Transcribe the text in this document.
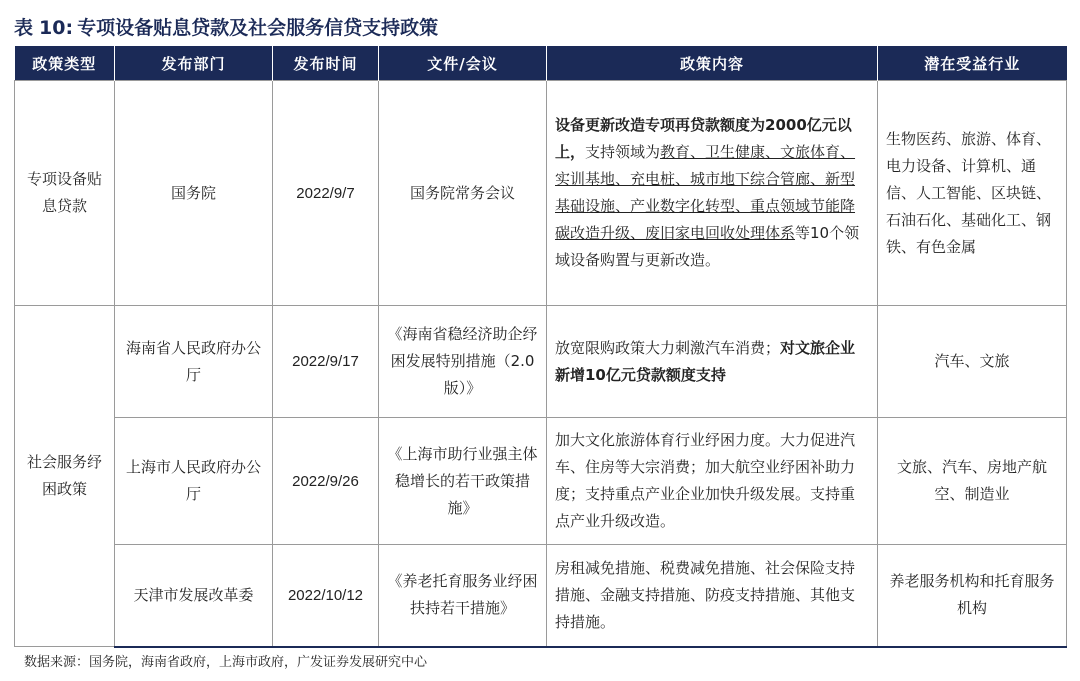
表 10: 专项设备贴息贷款及社会服务信贷支持政策
政策类型	发布部门	发布时间	文件/会议	政策内容	潜在受益行业
专项设备贴息贷款	国务院	2022/9/7	国务院常务会议	设备更新改造专项再贷款额度为2000亿元以上，支持领域为教育、卫生健康、文旅体育、实训基地、充电桩、城市地下综合管廊、新型基础设施、产业数字化转型、重点领域节能降碳改造升级、废旧家电回收处理体系等10个领域设备购置与更新改造。	生物医药、旅游、体育、电力设备、计算机、通信、人工智能、区块链、石油石化、基础化工、钢铁、有色金属
社会服务纾困政策	海南省人民政府办公厅	2022/9/17	《海南省稳经济助企纾困发展特别措施（2.0版）》	放宽限购政策大力刺激汽车消费；对文旅企业新增10亿元贷款额度支持	汽车、文旅
	上海市人民政府办公厅	2022/9/26	《上海市助行业强主体稳增长的若干政策措施》	加大文化旅游体育行业纾困力度。大力促进汽车、住房等大宗消费；加大航空业纾困补助力度；支持重点产业企业加快升级发展。支持重点产业升级改造。	文旅、汽车、房地产航空、制造业
	天津市发展改革委	2022/10/12	《养老托育服务业纾困扶持若干措施》	房租减免措施、税费减免措施、社会保险支持措施、金融支持措施、防疫支持措施、其他支持措施。	养老服务机构和托育服务机构
数据来源：国务院，海南省政府，上海市政府，广发证券发展研究中心
